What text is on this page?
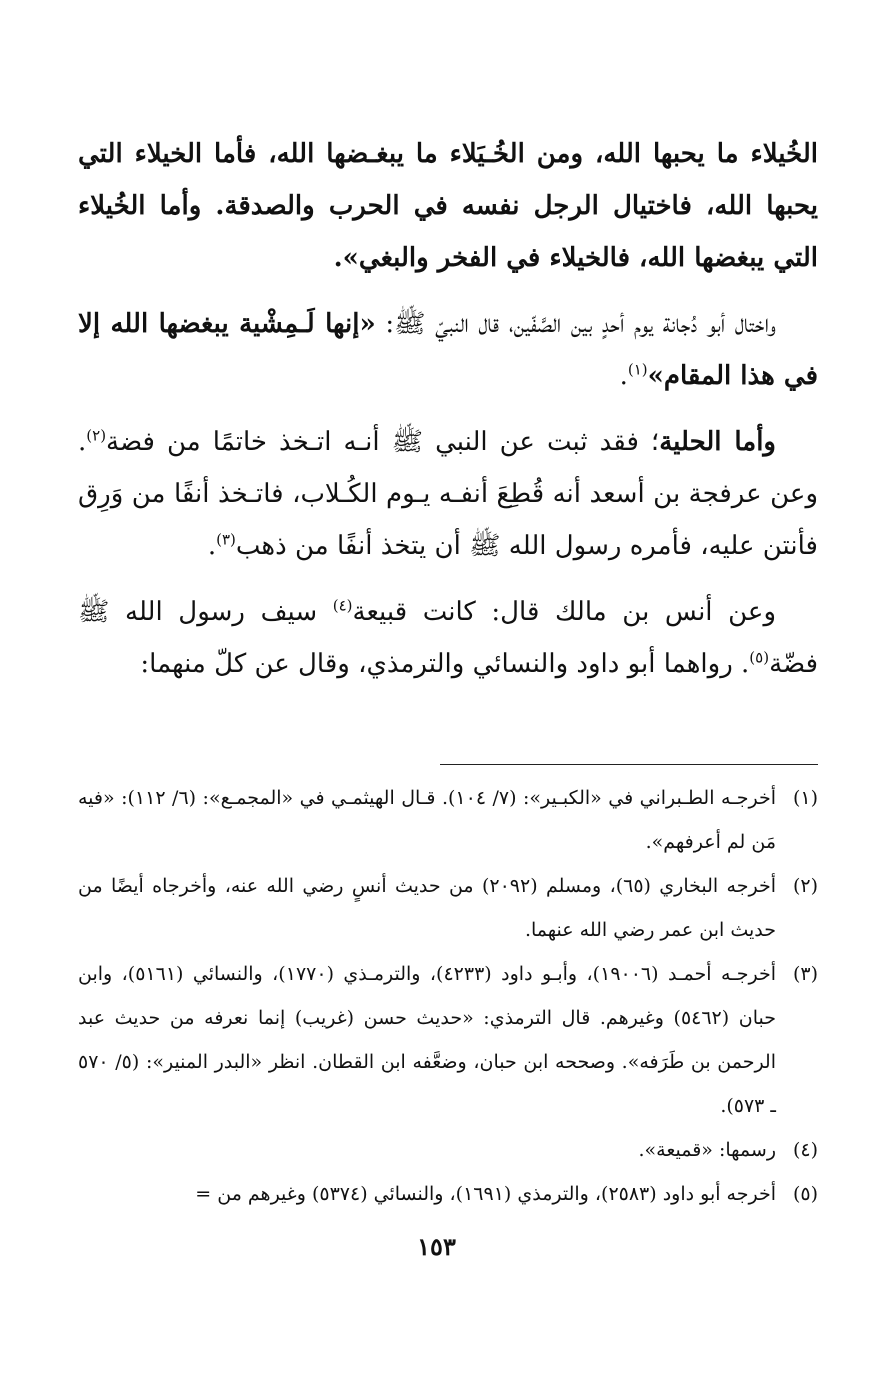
الخُيلاء ما يحبها الله، ومن الخُـيَلاء ما يبغـضها الله، فأما الخيلاء التي يحبها الله، فاختيال الرجل نفسه في الحرب والصدقة. وأما الخُيلاء التي يبغضها الله، فالخيلاء في الفخر والبغي».

واختال أبو دُجانة يوم أحدٍ بين الصَّفّين، قال النبيّ ﷺ: «إنها لَـمِشْية يبغضها الله إلا في هذا المقام»$^{(١)}$.

وأما الحلية؛ فقد ثبت عن النبي ﷺ أنـه اتـخذ خاتمًا من فضة$^{(٢)}$. وعن عرفجة بن أسعد أنه قُطِعَ أنفـه يـوم الكُـلاب، فاتـخذ أنفًا من وَرِق فأنتن عليه، فأمره رسول الله ﷺ أن يتخذ أنفًا من ذهب$^{(٣)}$.

وعن أنس بن مالك قال: كانت قبيعة$^{(٤)}$ سيف رسول الله ﷺ فضّة$^{(٥)}$. رواهما أبو داود والنسائي والترمذي، وقال عن كلّ منهما:

(١)
أخرجـه الطـبراني في «الكبـير»: (٧/ ١٠٤). قـال الهيثمـي في «المجمـع»: (٦/ ١١٢): «فيه مَن لم أعرفهم».
(٢)
أخرجه البخاري (٦٥)، ومسلم (٢٠٩٢) من حديث أنسٍ رضي الله عنه، وأخرجاه أيضًا من حديث ابن عمر رضي الله عنهما.
(٣)
أخرجـه أحمـد (١٩٠٠٦)، وأبـو داود (٤٢٣٣)، والترمـذي (١٧٧٠)، والنسائي (٥١٦١)، وابن حبان (٥٤٦٢) وغيرهم. قال الترمذي: «حديث حسن (غريب) إنما نعرفه من حديث عبد الرحمن بن طَرَفه». وصححه ابن حبان، وضعَّفه ابن القطان. انظر «البدر المنير»: (٥/ ٥٧٠ ـ ٥٧٣).
(٤)
رسمها: «قميعة».
(٥)
أخرجه أبو داود (٢٥٨٣)، والترمذي (١٦٩١)، والنسائي (٥٣٧٤) وغيرهم من =
١٥٣
